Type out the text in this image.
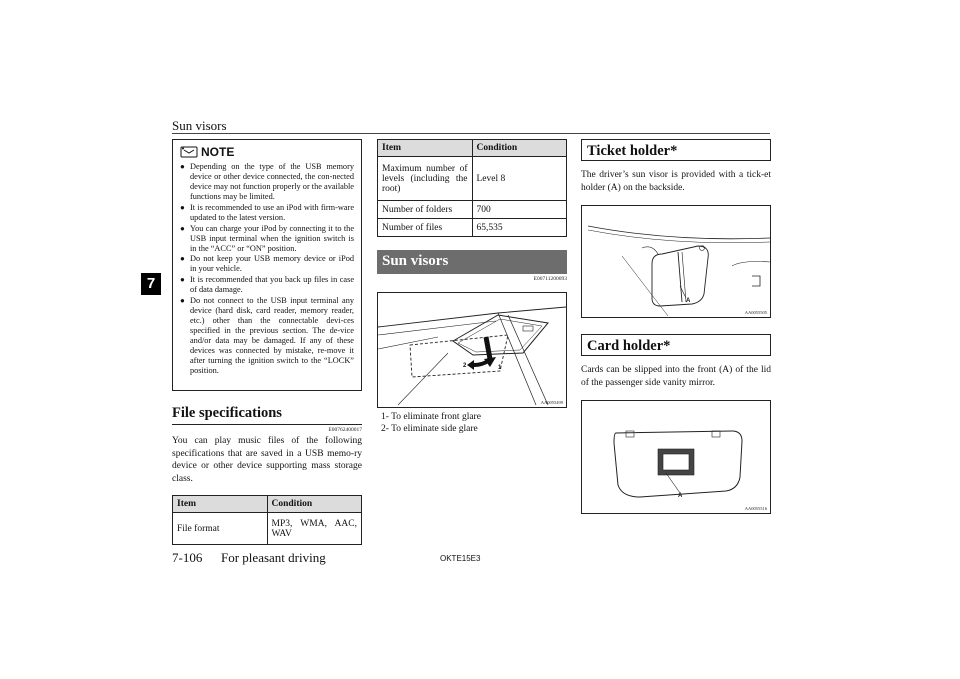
Sun visors
7
NOTE
● Depending on the type of the USB memory device or other device connected, the con-nected device may not function properly or the available functions may be limited.
● It is recommended to use an iPod with firm-ware updated to the latest version.
● You can charge your iPod by connecting it to the USB input terminal when the ignition switch is in the “ACC” or “ON” position.
● Do not keep your USB memory device or iPod in your vehicle.
● It is recommended that you back up files in case of data damage.
● Do not connect to the USB input terminal any device (hard disk, card reader, memory reader, etc.) other than the connectable devi-ces specified in the previous section. The de-vice and/or data may be damaged. If any of these devices was connected by mistake, re-move it after turning the ignition switch to the “LOCK” position.
File specifications
E00762400017
You can play music files of the following specifications that are saved in a USB memo-ry device or other device supporting mass storage class.
Item	Condition
File format	MP3, WMA, AAC, WAV
Item	Condition
Maximum number of levels (including the root)	Level 8
Number of folders	700
Number of files	65,535
Sun visors
E00711200093
1
2
AA0055499
1- To eliminate front glare
2- To eliminate side glare
Ticket holder*
The driver’s sun visor is provided with a tick-et holder (A) on the backside.
A
AA0055505
Card holder*
Cards can be slipped into the front (A) of the lid of the passenger side vanity mirror.
A
AA0055516
7-106 For pleasant driving	OKTE15E3
